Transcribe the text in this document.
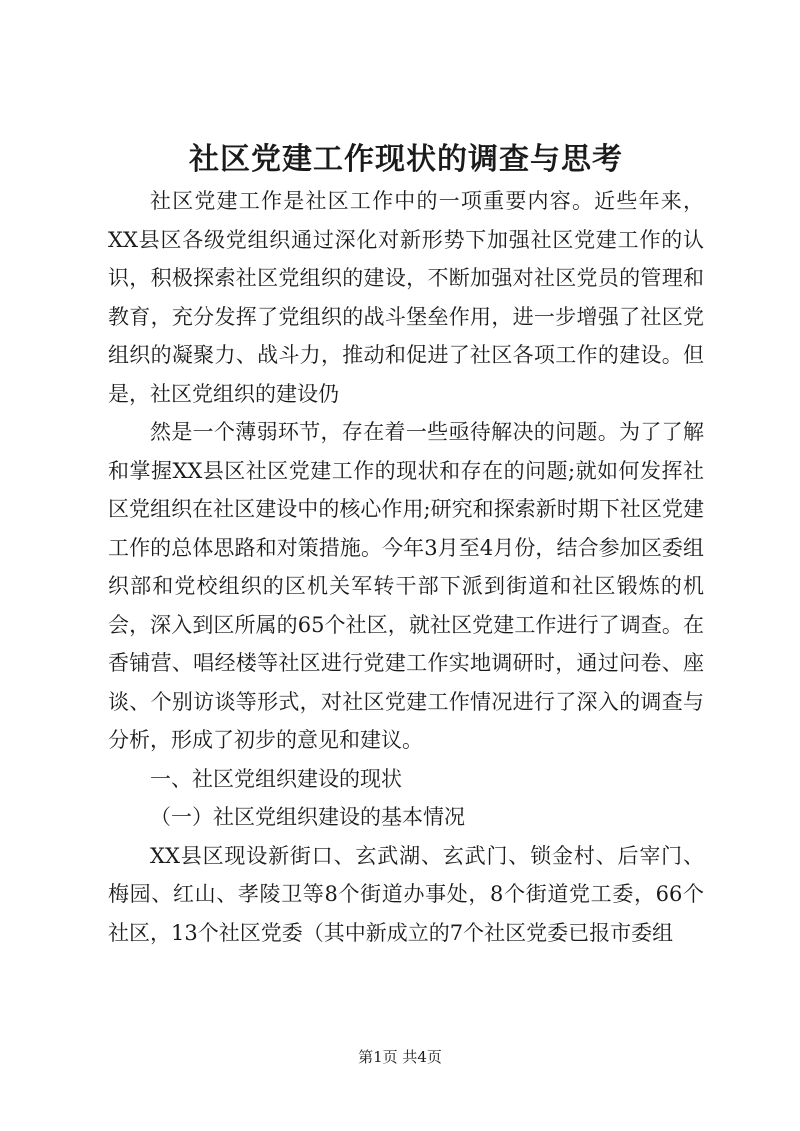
社区党建工作现状的调查与思考

社区党建工作是社区工作中的一项重要内容。近些年来，XX县区各级党组织通过深化对新形势下加强社区党建工作的认识，积极探索社区党组织的建设，不断加强对社区党员的管理和教育，充分发挥了党组织的战斗堡垒作用，进一步增强了社区党组织的凝聚力、战斗力，推动和促进了社区各项工作的建设。但是，社区党组织的建设仍

然是一个薄弱环节，存在着一些亟待解决的问题。为了了解和掌握XX县区社区党建工作的现状和存在的问题;就如何发挥社区党组织在社区建设中的核心作用;研究和探索新时期下社区党建工作的总体思路和对策措施。今年3月至4月份，结合参加区委组织部和党校组织的区机关军转干部下派到街道和社区锻炼的机会，深入到区所属的65个社区，就社区党建工作进行了调查。在香铺营、唱经楼等社区进行党建工作实地调研时，通过问卷、座谈、个别访谈等形式，对社区党建工作情况进行了深入的调查与分析，形成了初步的意见和建议。

一、社区党组织建设的现状

（一）社区党组织建设的基本情况

XX县区现设新街口、玄武湖、玄武门、锁金村、后宰门、梅园、红山、孝陵卫等8个街道办事处，8个街道党工委，66个社区，13个社区党委（其中新成立的7个社区党委已报市委组

第1页 共4页
